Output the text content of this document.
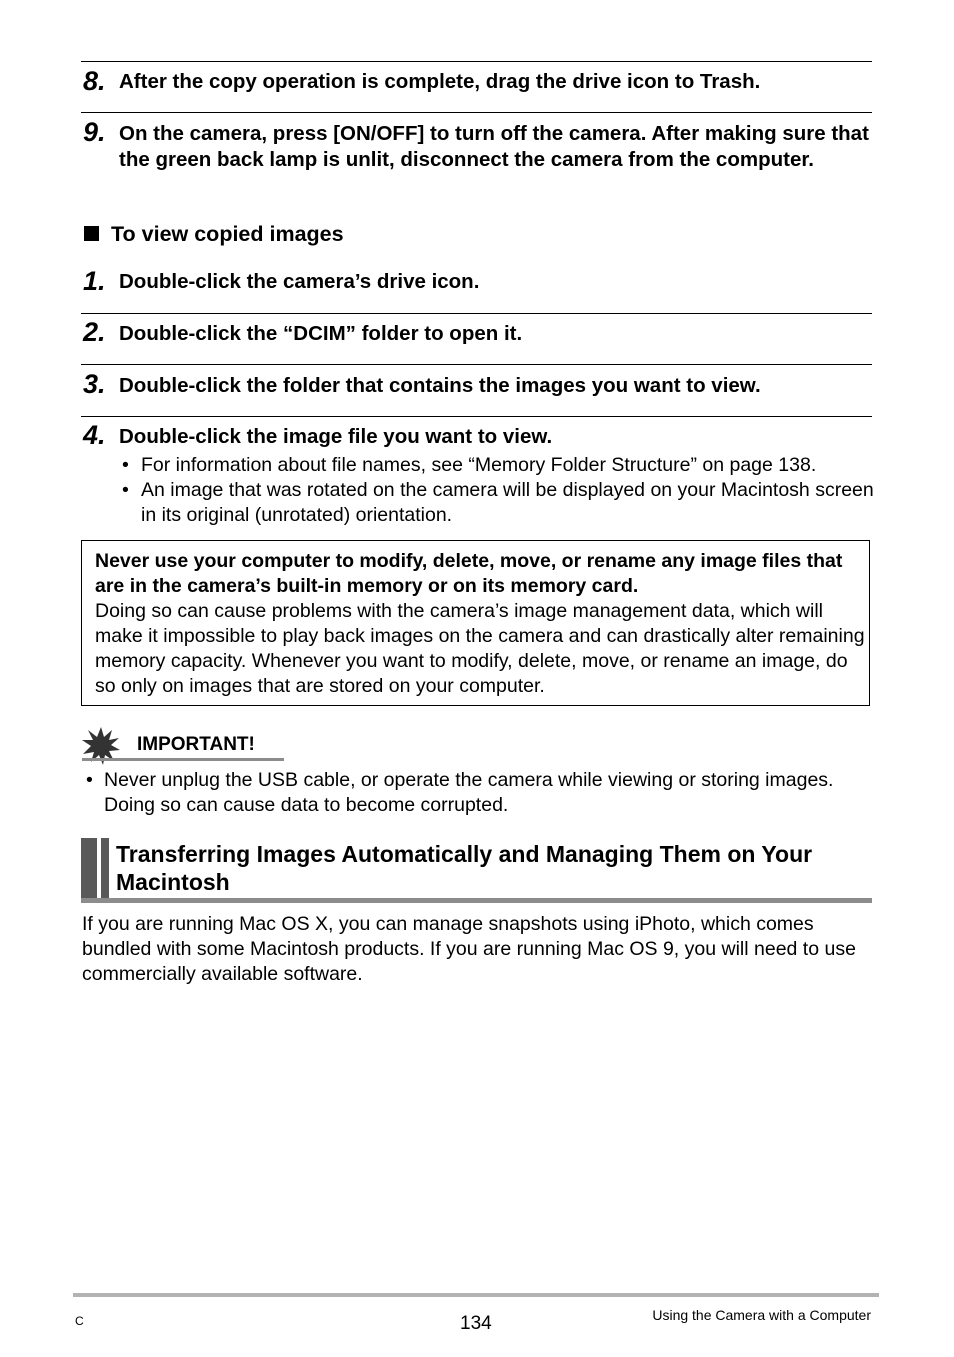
8. After the copy operation is complete, drag the drive icon to Trash.
9. On the camera, press [ON/OFF] to turn off the camera. After making sure that the green back lamp is unlit, disconnect the camera from the computer.
To view copied images
1. Double-click the camera’s drive icon.
2. Double-click the “DCIM” folder to open it.
3. Double-click the folder that contains the images you want to view.
4. Double-click the image file you want to view.
• For information about file names, see “Memory Folder Structure” on page 138.
• An image that was rotated on the camera will be displayed on your Macintosh screen in its original (unrotated) orientation.
Never use your computer to modify, delete, move, or rename any image files that are in the camera’s built-in memory or on its memory card.
Doing so can cause problems with the camera’s image management data, which will make it impossible to play back images on the camera and can drastically alter remaining memory capacity. Whenever you want to modify, delete, move, or rename an image, do so only on images that are stored on your computer.
IMPORTANT!
• Never unplug the USB cable, or operate the camera while viewing or storing images. Doing so can cause data to become corrupted.
Transferring Images Automatically and Managing Them on Your Macintosh
If you are running Mac OS X, you can manage snapshots using iPhoto, which comes bundled with some Macintosh products. If you are running Mac OS 9, you will need to use commercially available software.
C	134	Using the Camera with a Computer
